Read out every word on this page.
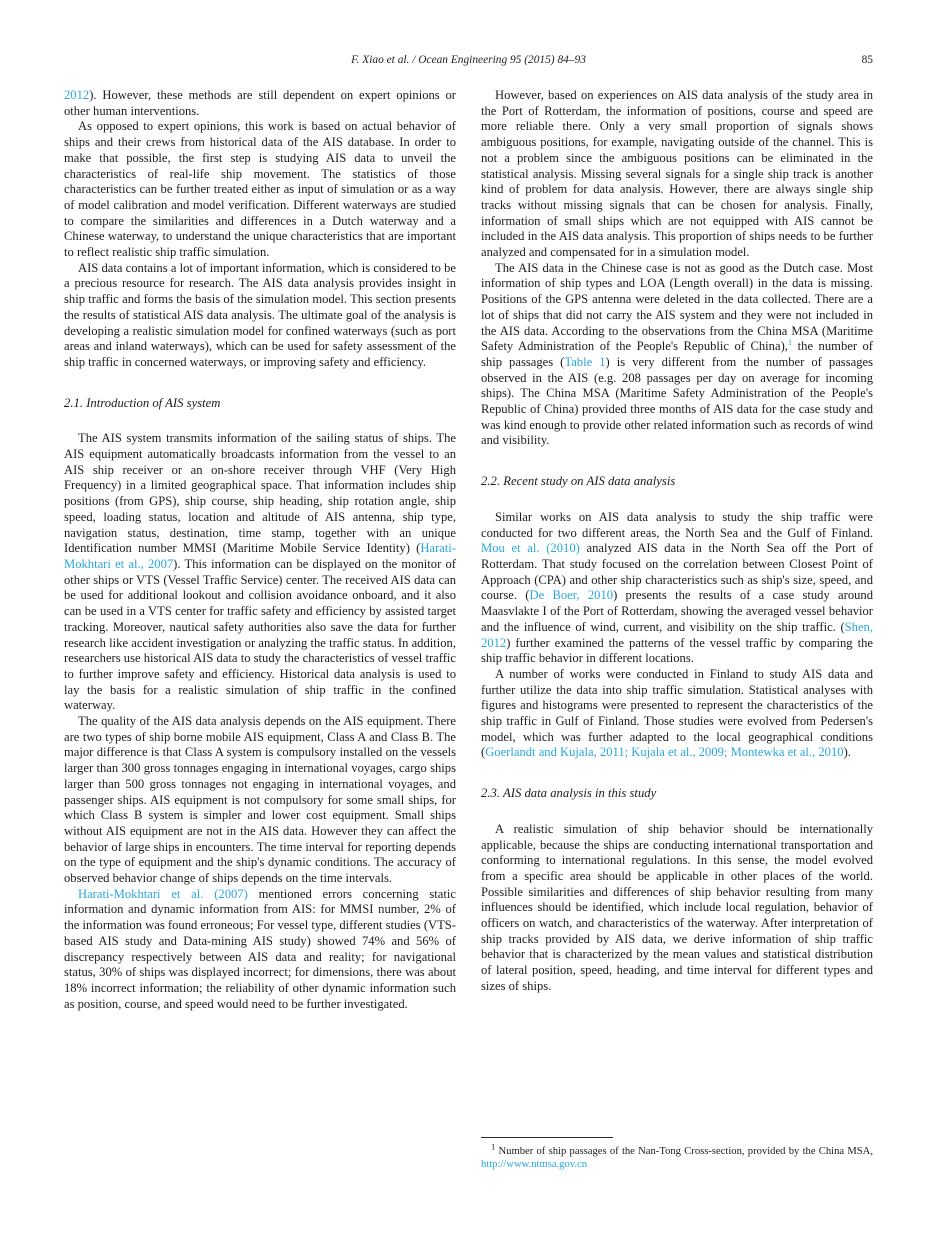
F. Xiao et al. / Ocean Engineering 95 (2015) 84–93	85

2012). However, these methods are still dependent on expert opinions or other human interventions.

As opposed to expert opinions, this work is based on actual behavior of ships and their crews from historical data of the AIS database. In order to make that possible, the first step is studying AIS data to unveil the characteristics of real-life ship movement. The statistics of those characteristics can be further treated either as input of simulation or as a way of model calibration and model verification. Different waterways are studied to compare the similarities and differences in a Dutch waterway and a Chinese waterway, to understand the unique characteristics that are important to reflect realistic ship traffic simulation.

AIS data contains a lot of important information, which is considered to be a precious resource for research. The AIS data analysis provides insight in ship traffic and forms the basis of the simulation model. This section presents the results of statistical AIS data analysis. The ultimate goal of the analysis is developing a realistic simulation model for confined waterways (such as port areas and inland waterways), which can be used for safety assessment of the ship traffic in concerned waterways, or improving safety and efficiency.

2.1. Introduction of AIS system

The AIS system transmits information of the sailing status of ships. The AIS equipment automatically broadcasts information from the vessel to an AIS ship receiver or an on-shore receiver through VHF (Very High Frequency) in a limited geographical space. That information includes ship positions (from GPS), ship course, ship heading, ship rotation angle, ship speed, loading status, location and altitude of AIS antenna, ship type, navigation status, destination, time stamp, together with an unique Identification number MMSI (Maritime Mobile Service Identity) (Harati-Mokhtari et al., 2007). This information can be displayed on the monitor of other ships or VTS (Vessel Traffic Service) center. The received AIS data can be used for additional lookout and collision avoidance onboard, and it also can be used in a VTS center for traffic safety and efficiency by assisted target tracking. Moreover, nautical safety authorities also save the data for further research like accident investigation or analyzing the traffic status. In addition, researchers use historical AIS data to study the characteristics of vessel traffic to further improve safety and efficiency. Historical data analysis is used to lay the basis for a realistic simulation of ship traffic in the confined waterway.

The quality of the AIS data analysis depends on the AIS equipment. There are two types of ship borne mobile AIS equipment, Class A and Class B. The major difference is that Class A system is compulsory installed on the vessels larger than 300 gross tonnages engaging in international voyages, cargo ships larger than 500 gross tonnages not engaging in international voyages, and passenger ships. AIS equipment is not compulsory for some small ships, for which Class B system is simpler and lower cost equipment. Small ships without AIS equipment are not in the AIS data. However they can affect the behavior of large ships in encounters. The time interval for reporting depends on the type of equipment and the ship's dynamic conditions. The accuracy of observed behavior change of ships depends on the time intervals.

Harati-Mokhtari et al. (2007) mentioned errors concerning static information and dynamic information from AIS: for MMSI number, 2% of the information was found erroneous; For vessel type, different studies (VTS-based AIS study and Data-mining AIS study) showed 74% and 56% of discrepancy respectively between AIS data and reality; for navigational status, 30% of ships was displayed incorrect; for dimensions, there was about 18% incorrect information; the reliability of other dynamic information such as position, course, and speed would need to be further investigated.

However, based on experiences on AIS data analysis of the study area in the Port of Rotterdam, the information of positions, course and speed are more reliable there. Only a very small proportion of signals shows ambiguous positions, for example, navigating outside of the channel. This is not a problem since the ambiguous positions can be eliminated in the statistical analysis. Missing several signals for a single ship track is another kind of problem for data analysis. However, there are always single ship tracks without missing signals that can be chosen for analysis. Finally, information of small ships which are not equipped with AIS cannot be included in the AIS data analysis. This proportion of ships needs to be further analyzed and compensated for in a simulation model.

The AIS data in the Chinese case is not as good as the Dutch case. Most information of ship types and LOA (Length overall) in the data is missing. Positions of the GPS antenna were deleted in the data collected. There are a lot of ships that did not carry the AIS system and they were not included in the AIS data. According to the observations from the China MSA (Maritime Safety Administration of the People's Republic of China),$^1$ the number of ship passages (Table 1) is very different from the number of passages observed in the AIS (e.g. 208 passages per day on average for incoming ships). The China MSA (Maritime Safety Administration of the People's Republic of China) provided three months of AIS data for the case study and was kind enough to provide other related information such as records of wind and visibility.

2.2. Recent study on AIS data analysis

Similar works on AIS data analysis to study the ship traffic were conducted for two different areas, the North Sea and the Gulf of Finland. Mou et al. (2010) analyzed AIS data in the North Sea off the Port of Rotterdam. That study focused on the correlation between Closest Point of Approach (CPA) and other ship characteristics such as ship's size, speed, and course. (De Boer, 2010) presents the results of a case study around Maasvlakte I of the Port of Rotterdam, showing the averaged vessel behavior and the influence of wind, current, and visibility on the ship traffic. (Shen, 2012) further examined the patterns of the vessel traffic by comparing the ship traffic behavior in different locations.

A number of works were conducted in Finland to study AIS data and further utilize the data into ship traffic simulation. Statistical analyses with figures and histograms were presented to represent the characteristics of the ship traffic in Gulf of Finland. Those studies were evolved from Pedersen's model, which was further adapted to the local geographical conditions (Goerlandt and Kujala, 2011; Kujala et al., 2009; Montewka et al., 2010).

2.3. AIS data analysis in this study

A realistic simulation of ship behavior should be internationally applicable, because the ships are conducting international transportation and conforming to international regulations. In this sense, the model evolved from a specific area should be applicable in other places of the world. Possible similarities and differences of ship behavior resulting from many influences should be identified, which include local regulation, behavior of officers on watch, and characteristics of the waterway. After interpretation of ship tracks provided by AIS data, we derive information of ship traffic behavior that is characterized by the mean values and statistical distribution of lateral position, speed, heading, and time interval for different types and sizes of ships.

$^1$ Number of ship passages of the Nan-Tong Cross-section, provided by the China MSA, http://www.ntmsa.gov.cn
